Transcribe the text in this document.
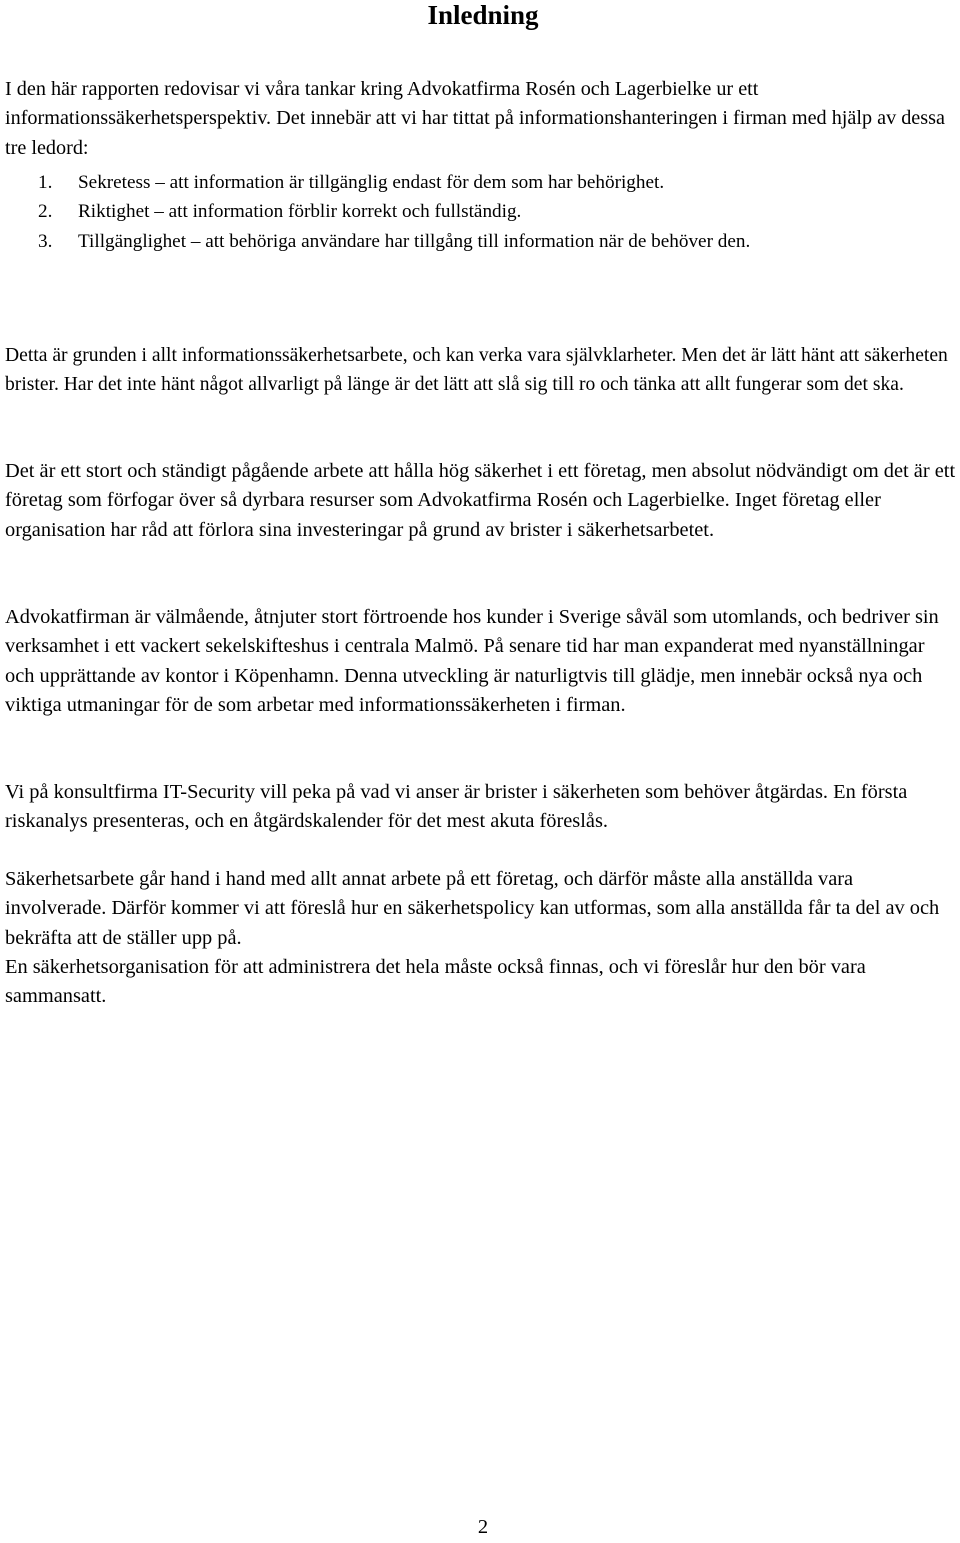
Inledning

I den här rapporten redovisar vi våra tankar kring Advokatfirma Rosén och Lagerbielke ur ett informationssäkerhetsperspektiv. Det innebär att vi har tittat på informationshanteringen i firman med hjälp av dessa tre ledord:

1. Sekretess – att information är tillgänglig endast för dem som har behörighet.
2. Riktighet – att information förblir korrekt och fullständig.
3. Tillgänglighet – att behöriga användare har tillgång till information när de behöver den.

Detta är grunden i allt informationssäkerhetsarbete, och kan verka vara självklarheter. Men det är lätt hänt att säkerheten brister. Har det inte hänt något allvarligt på länge är det lätt att slå sig till ro och tänka att allt fungerar som det ska.

Det är ett stort och ständigt pågående arbete att hålla hög säkerhet i ett företag, men absolut nödvändigt om det är ett företag som förfogar över så dyrbara resurser som Advokatfirma Rosén och Lagerbielke. Inget företag eller organisation har råd att förlora sina investeringar på grund av brister i säkerhetsarbetet.

Advokatfirman är välmående, åtnjuter stort förtroende hos kunder i Sverige såväl som utomlands, och bedriver sin verksamhet i ett vackert sekelskifteshus i centrala Malmö. På senare tid har man expanderat med nyanställningar och upprättande av kontor i Köpenhamn. Denna utveckling är naturligtvis till glädje, men innebär också nya och viktiga utmaningar för de som arbetar med informationssäkerheten i firman.

Vi på konsultfirma IT-Security vill peka på vad vi anser är brister i säkerheten som behöver åtgärdas. En första riskanalys presenteras, och en åtgärdskalender för det mest akuta föreslås.

Säkerhetsarbete går hand i hand med allt annat arbete på ett företag, och därför måste alla anställda vara involverade. Därför kommer vi att föreslå hur en säkerhetspolicy kan utformas, som alla anställda får ta del av och bekräfta att de ställer upp på.

En säkerhetsorganisation för att administrera det hela måste också finnas, och vi föreslår hur den bör vara sammansatt.

2
